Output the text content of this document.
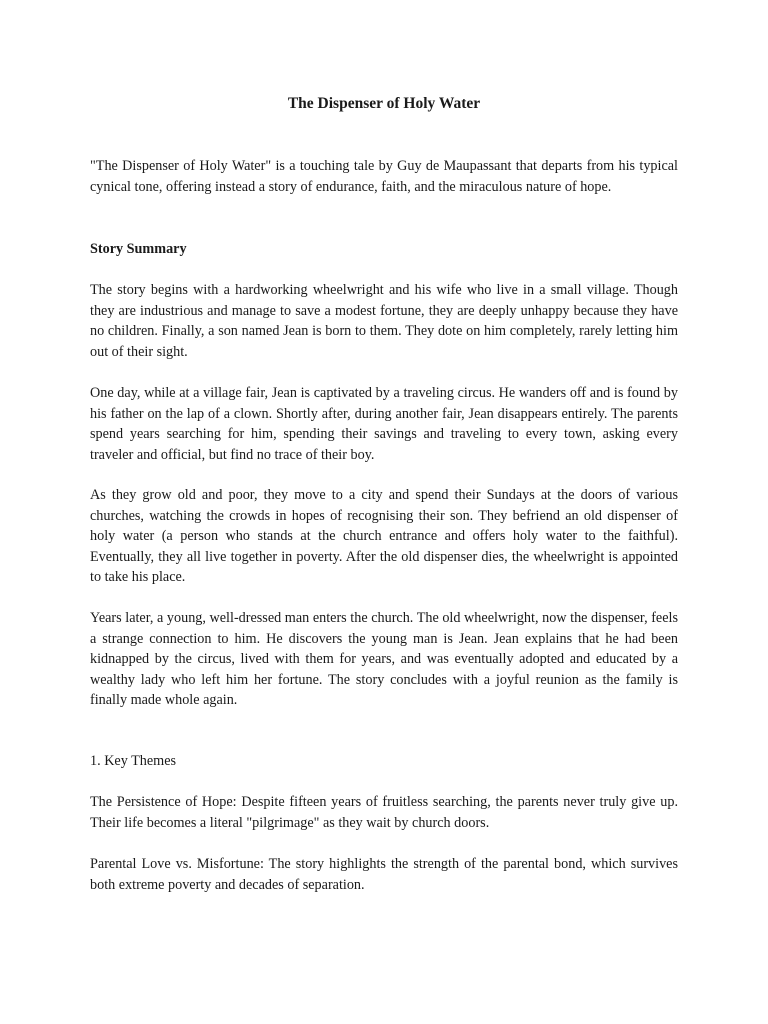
The Dispenser of Holy Water

"The Dispenser of Holy Water" is a touching tale by Guy de Maupassant that departs from his typical cynical tone, offering instead a story of endurance, faith, and the miraculous nature of hope.

Story Summary

The story begins with a hardworking wheelwright and his wife who live in a small village. Though they are industrious and manage to save a modest fortune, they are deeply unhappy because they have no children. Finally, a son named Jean is born to them. They dote on him completely, rarely letting him out of their sight.

One day, while at a village fair, Jean is captivated by a traveling circus. He wanders off and is found by his father on the lap of a clown. Shortly after, during another fair, Jean disappears entirely. The parents spend years searching for him, spending their savings and traveling to every town, asking every traveler and official, but find no trace of their boy.

As they grow old and poor, they move to a city and spend their Sundays at the doors of various churches, watching the crowds in hopes of recognising their son. They befriend an old dispenser of holy water (a person who stands at the church entrance and offers holy water to the faithful). Eventually, they all live together in poverty. After the old dispenser dies, the wheelwright is appointed to take his place.

Years later, a young, well-dressed man enters the church. The old wheelwright, now the dispenser, feels a strange connection to him. He discovers the young man is Jean. Jean explains that he had been kidnapped by the circus, lived with them for years, and was eventually adopted and educated by a wealthy lady who left him her fortune. The story concludes with a joyful reunion as the family is finally made whole again.

1. Key Themes

The Persistence of Hope: Despite fifteen years of fruitless searching, the parents never truly give up. Their life becomes a literal "pilgrimage" as they wait by church doors.

Parental Love vs. Misfortune: The story highlights the strength of the parental bond, which survives both extreme poverty and decades of separation.
